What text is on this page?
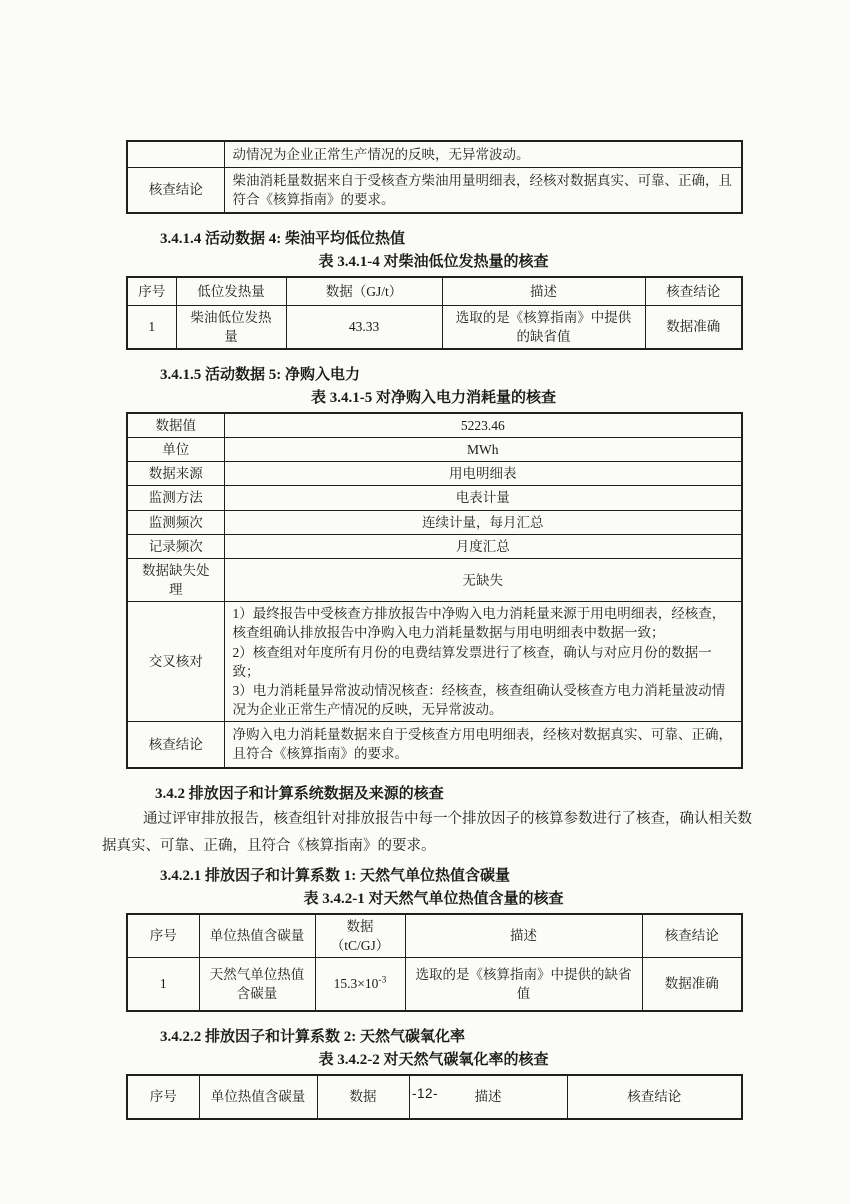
	动情况为企业正常生产情况的反映，无异常波动。
核查结论	柴油消耗量数据来自于受核查方柴油用量明细表，经核对数据真实、可靠、正确，且符合《核算指南》的要求。
3.4.1.4 活动数据 4: 柴油平均低位热值
表 3.4.1-4 对柴油低位发热量的核查
序号	低位发热量	数据（GJ/t）	描述	核查结论
1	柴油低位发热量	43.33	选取的是《核算指南》中提供的缺省值	数据准确
3.4.1.5 活动数据 5: 净购入电力
表 3.4.1-5 对净购入电力消耗量的核查
数据值	5223.46
单位	MWh
数据来源	用电明细表
监测方法	电表计量
监测频次	连续计量，每月汇总
记录频次	月度汇总
数据缺失处理	无缺失
交叉核对	1）最终报告中受核查方排放报告中净购入电力消耗量来源于用电明细表，经核查，核查组确认排放报告中净购入电力消耗量数据与用电明细表中数据一致；
2）核查组对年度所有月份的电费结算发票进行了核查，确认与对应月份的数据一致；
3）电力消耗量异常波动情况核查：经核查，核查组确认受核查方电力消耗量波动情况为企业正常生产情况的反映，无异常波动。

核查结论	净购入电力消耗量数据来自于受核查方用电明细表，经核对数据真实、可靠、正确，且符合《核算指南》的要求。
3.4.2 排放因子和计算系统数据及来源的核查

通过评审排放报告，核查组针对排放报告中每一个排放因子的核算参数进行了核查，确认相关数据真实、可靠、正确，且符合《核算指南》的要求。

3.4.2.1 排放因子和计算系数 1: 天然气单位热值含碳量
表 3.4.2-1 对天然气单位热值含量的核查
序号	单位热值含碳量	数据（tC/GJ）	描述	核查结论
1	天然气单位热值含碳量	$15.3\times 10^{-3}$	选取的是《核算指南》中提供的缺省值	数据准确
3.4.2.2 排放因子和计算系数 2: 天然气碳氧化率
表 3.4.2-2 对天然气碳氧化率的核查
序号	单位热值含碳量	数据	描述	核查结论
-12-
